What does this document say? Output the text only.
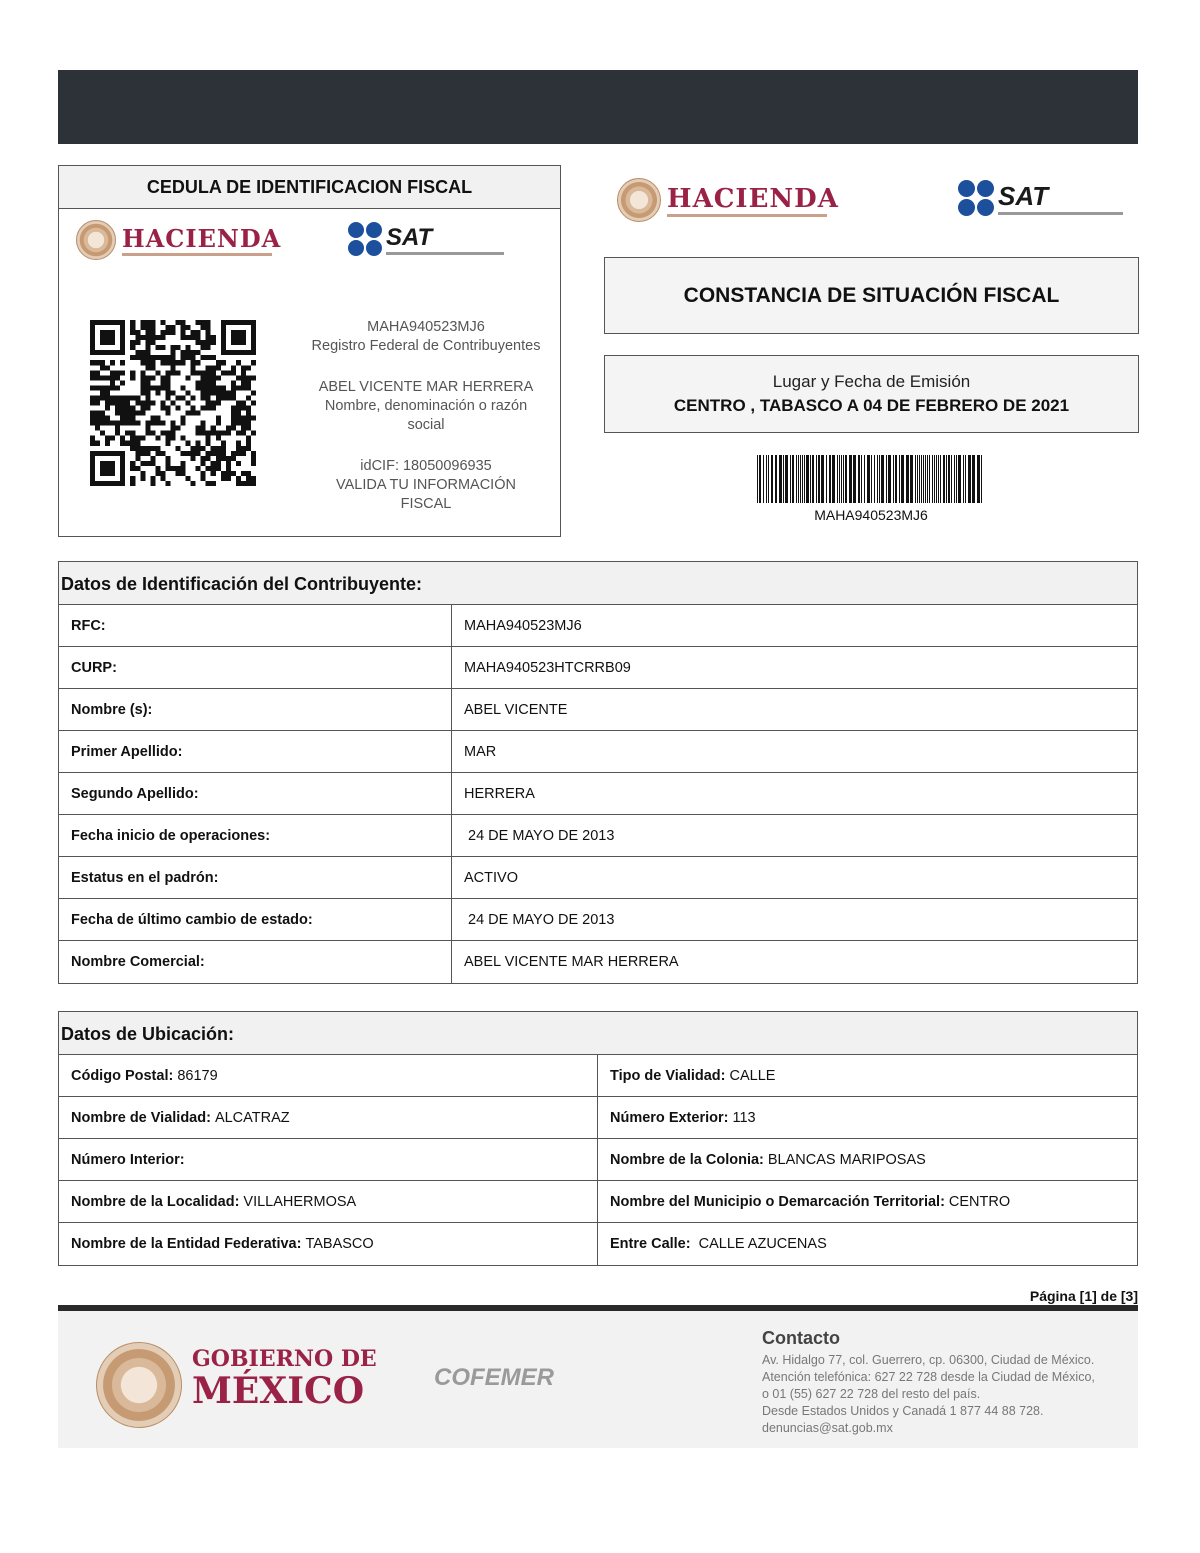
CEDULA DE IDENTIFICACION FISCAL
HACIENDA	SAT
MAHA940523MJ6
Registro Federal de Contribuyentes
ABEL VICENTE MAR HERRERA
Nombre, denominación o razón
social
idCIF: 18050096935
VALIDA TU INFORMACIÓN
FISCAL
HACIENDA	SAT
CONSTANCIA DE SITUACIÓN FISCAL
Lugar y Fecha de Emisión
CENTRO , TABASCO A 04 DE FEBRERO DE 2021
MAHA940523MJ6
Datos de Identificación del Contribuyente:
RFC:	MAHA940523MJ6
CURP:	MAHA940523HTCRRB09
Nombre (s):	ABEL VICENTE
Primer Apellido:	MAR
Segundo Apellido:	HERRERA
Fecha inicio de operaciones:	24 DE MAYO DE 2013
Estatus en el padrón:	ACTIVO
Fecha de último cambio de estado:	24 DE MAYO DE 2013
Nombre Comercial:	ABEL VICENTE MAR HERRERA
Datos de Ubicación:
Código Postal: 86179	Tipo de Vialidad: CALLE
Nombre de Vialidad: ALCATRAZ	Número Exterior: 113
Número Interior:	Nombre de la Colonia: BLANCAS MARIPOSAS
Nombre de la Localidad: VILLAHERMOSA	Nombre del Municipio o Demarcación Territorial: CENTRO
Nombre de la Entidad Federativa: TABASCO	Entre Calle: CALLE AZUCENAS
Página [1] de [3]
GOBIERNO DE
MÉXICO	COFEMER
Contacto
Av. Hidalgo 77, col. Guerrero, cp. 06300, Ciudad de México.
Atención telefónica: 627 22 728 desde la Ciudad de México,
o 01 (55) 627 22 728 del resto del país.
Desde Estados Unidos y Canadá 1 877 44 88 728.
denuncias@sat.gob.mx
